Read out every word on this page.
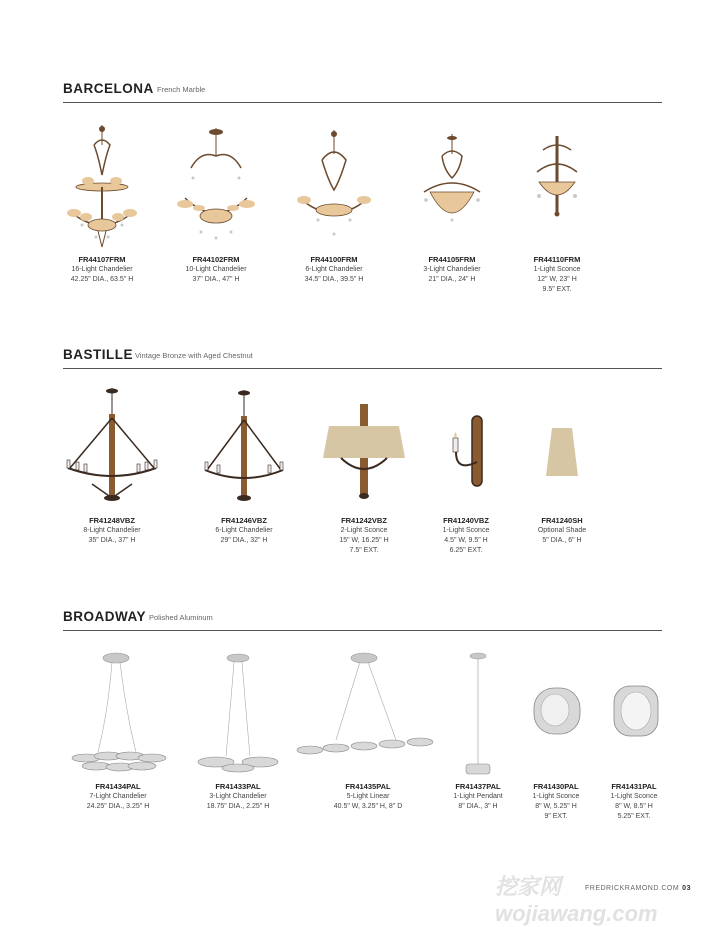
BARCELONA French Marble
FR44107FRM
16-Light Chandelier
42.25" DIA., 63.5" H
FR44102FRM
10-Light Chandelier
37" DIA., 47" H
FR44100FRM
6-Light Chandelier
34.5" DIA., 39.5" H
FR44105FRM
3-Light Chandelier
21" DIA., 24" H
FR44110FRM
1-Light Sconce
12" W, 23" H
9.5" EXT.
BASTILLE Vintage Bronze with Aged Chestnut
FR41248VBZ
8-Light Chandelier
35" DIA., 37" H
FR41246VBZ
6-Light Chandelier
29" DIA., 32" H
FR41242VBZ
2-Light Sconce
15" W, 16.25" H
7.5" EXT.
FR41240VBZ
1-Light Sconce
4.5" W, 9.5" H
6.25" EXT.
FR41240SH
Optional Shade
5" DIA., 6" H
BROADWAY Polished Aluminum
FR41434PAL
7-Light Chandelier
24.25" DIA., 3.25" H
FR41433PAL
3-Light Chandelier
18.75" DIA., 2.25" H
FR41435PAL
5-Light Linear
40.5" W, 3.25" H, 8" D
FR41437PAL
1-Light Pendant
8" DIA., 3" H
FR41430PAL
1-Light Sconce
8" W, 5.25" H
9" EXT.
FR41431PAL
1-Light Sconce
8" W, 8.5" H
5.25" EXT.
挖家网 wojiawang.com
FREDRICKRAMOND.COM 03
